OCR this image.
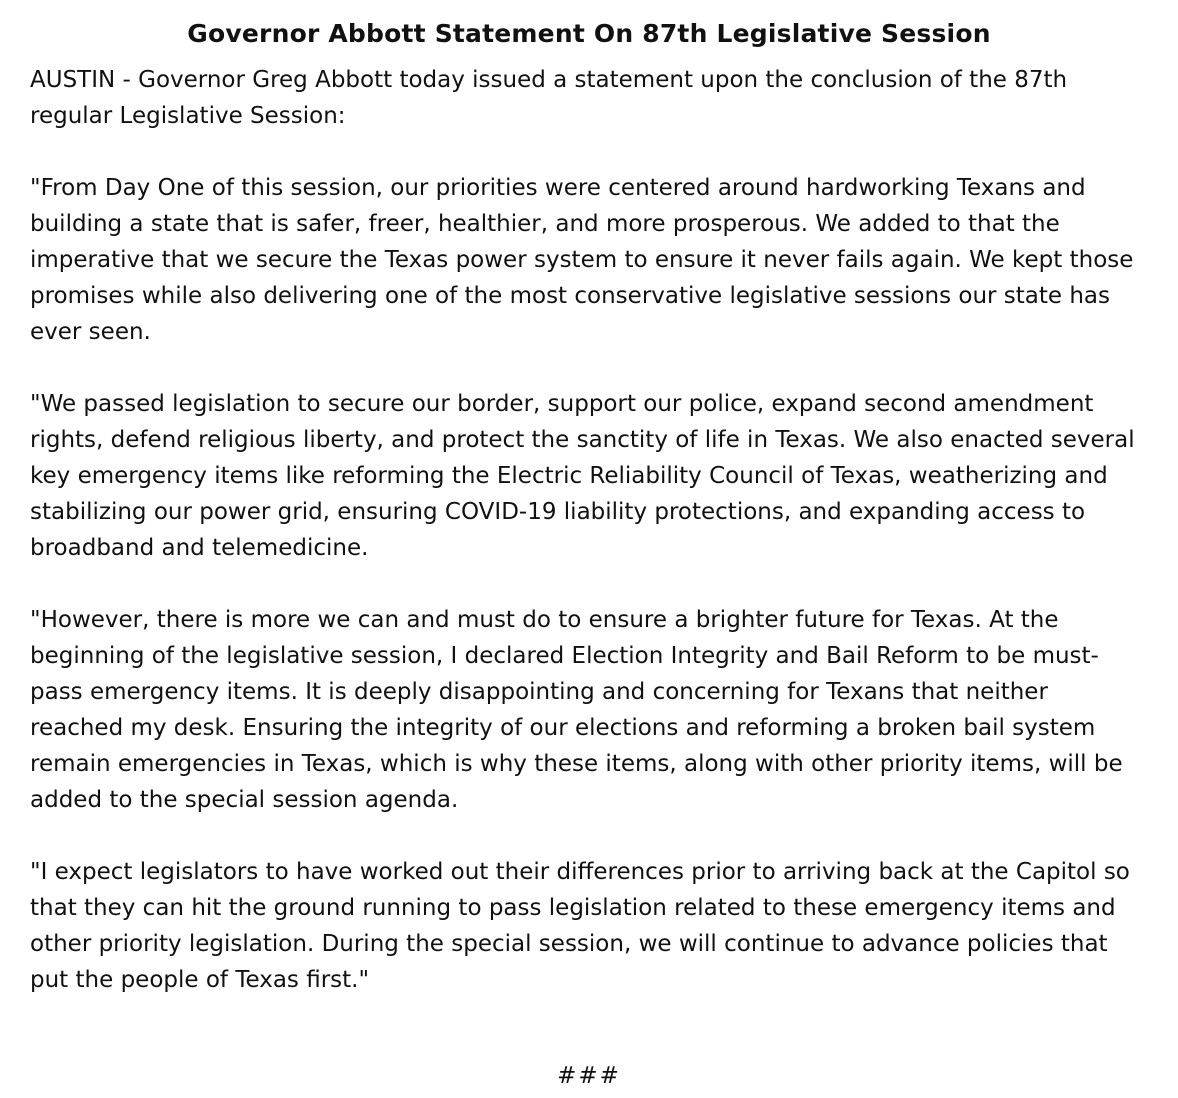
Governor Abbott Statement On 87th Legislative Session

AUSTIN - Governor Greg Abbott today issued a statement upon the conclusion of the 87th regular Legislative Session:

"From Day One of this session, our priorities were centered around hardworking Texans and building a state that is safer, freer, healthier, and more prosperous. We added to that the imperative that we secure the Texas power system to ensure it never fails again. We kept those promises while also delivering one of the most conservative legislative sessions our state has ever seen.

"We passed legislation to secure our border, support our police, expand second amendment rights, defend religious liberty, and protect the sanctity of life in Texas. We also enacted several key emergency items like reforming the Electric Reliability Council of Texas, weatherizing and stabilizing our power grid, ensuring COVID-19 liability protections, and expanding access to broadband and telemedicine.

"However, there is more we can and must do to ensure a brighter future for Texas. At the beginning of the legislative session, I declared Election Integrity and Bail Reform to be must-pass emergency items. It is deeply disappointing and concerning for Texans that neither reached my desk. Ensuring the integrity of our elections and reforming a broken bail system remain emergencies in Texas, which is why these items, along with other priority items, will be added to the special session agenda.

"I expect legislators to have worked out their differences prior to arriving back at the Capitol so that they can hit the ground running to pass legislation related to these emergency items and other priority legislation. During the special session, we will continue to advance policies that put the people of Texas first."

###
